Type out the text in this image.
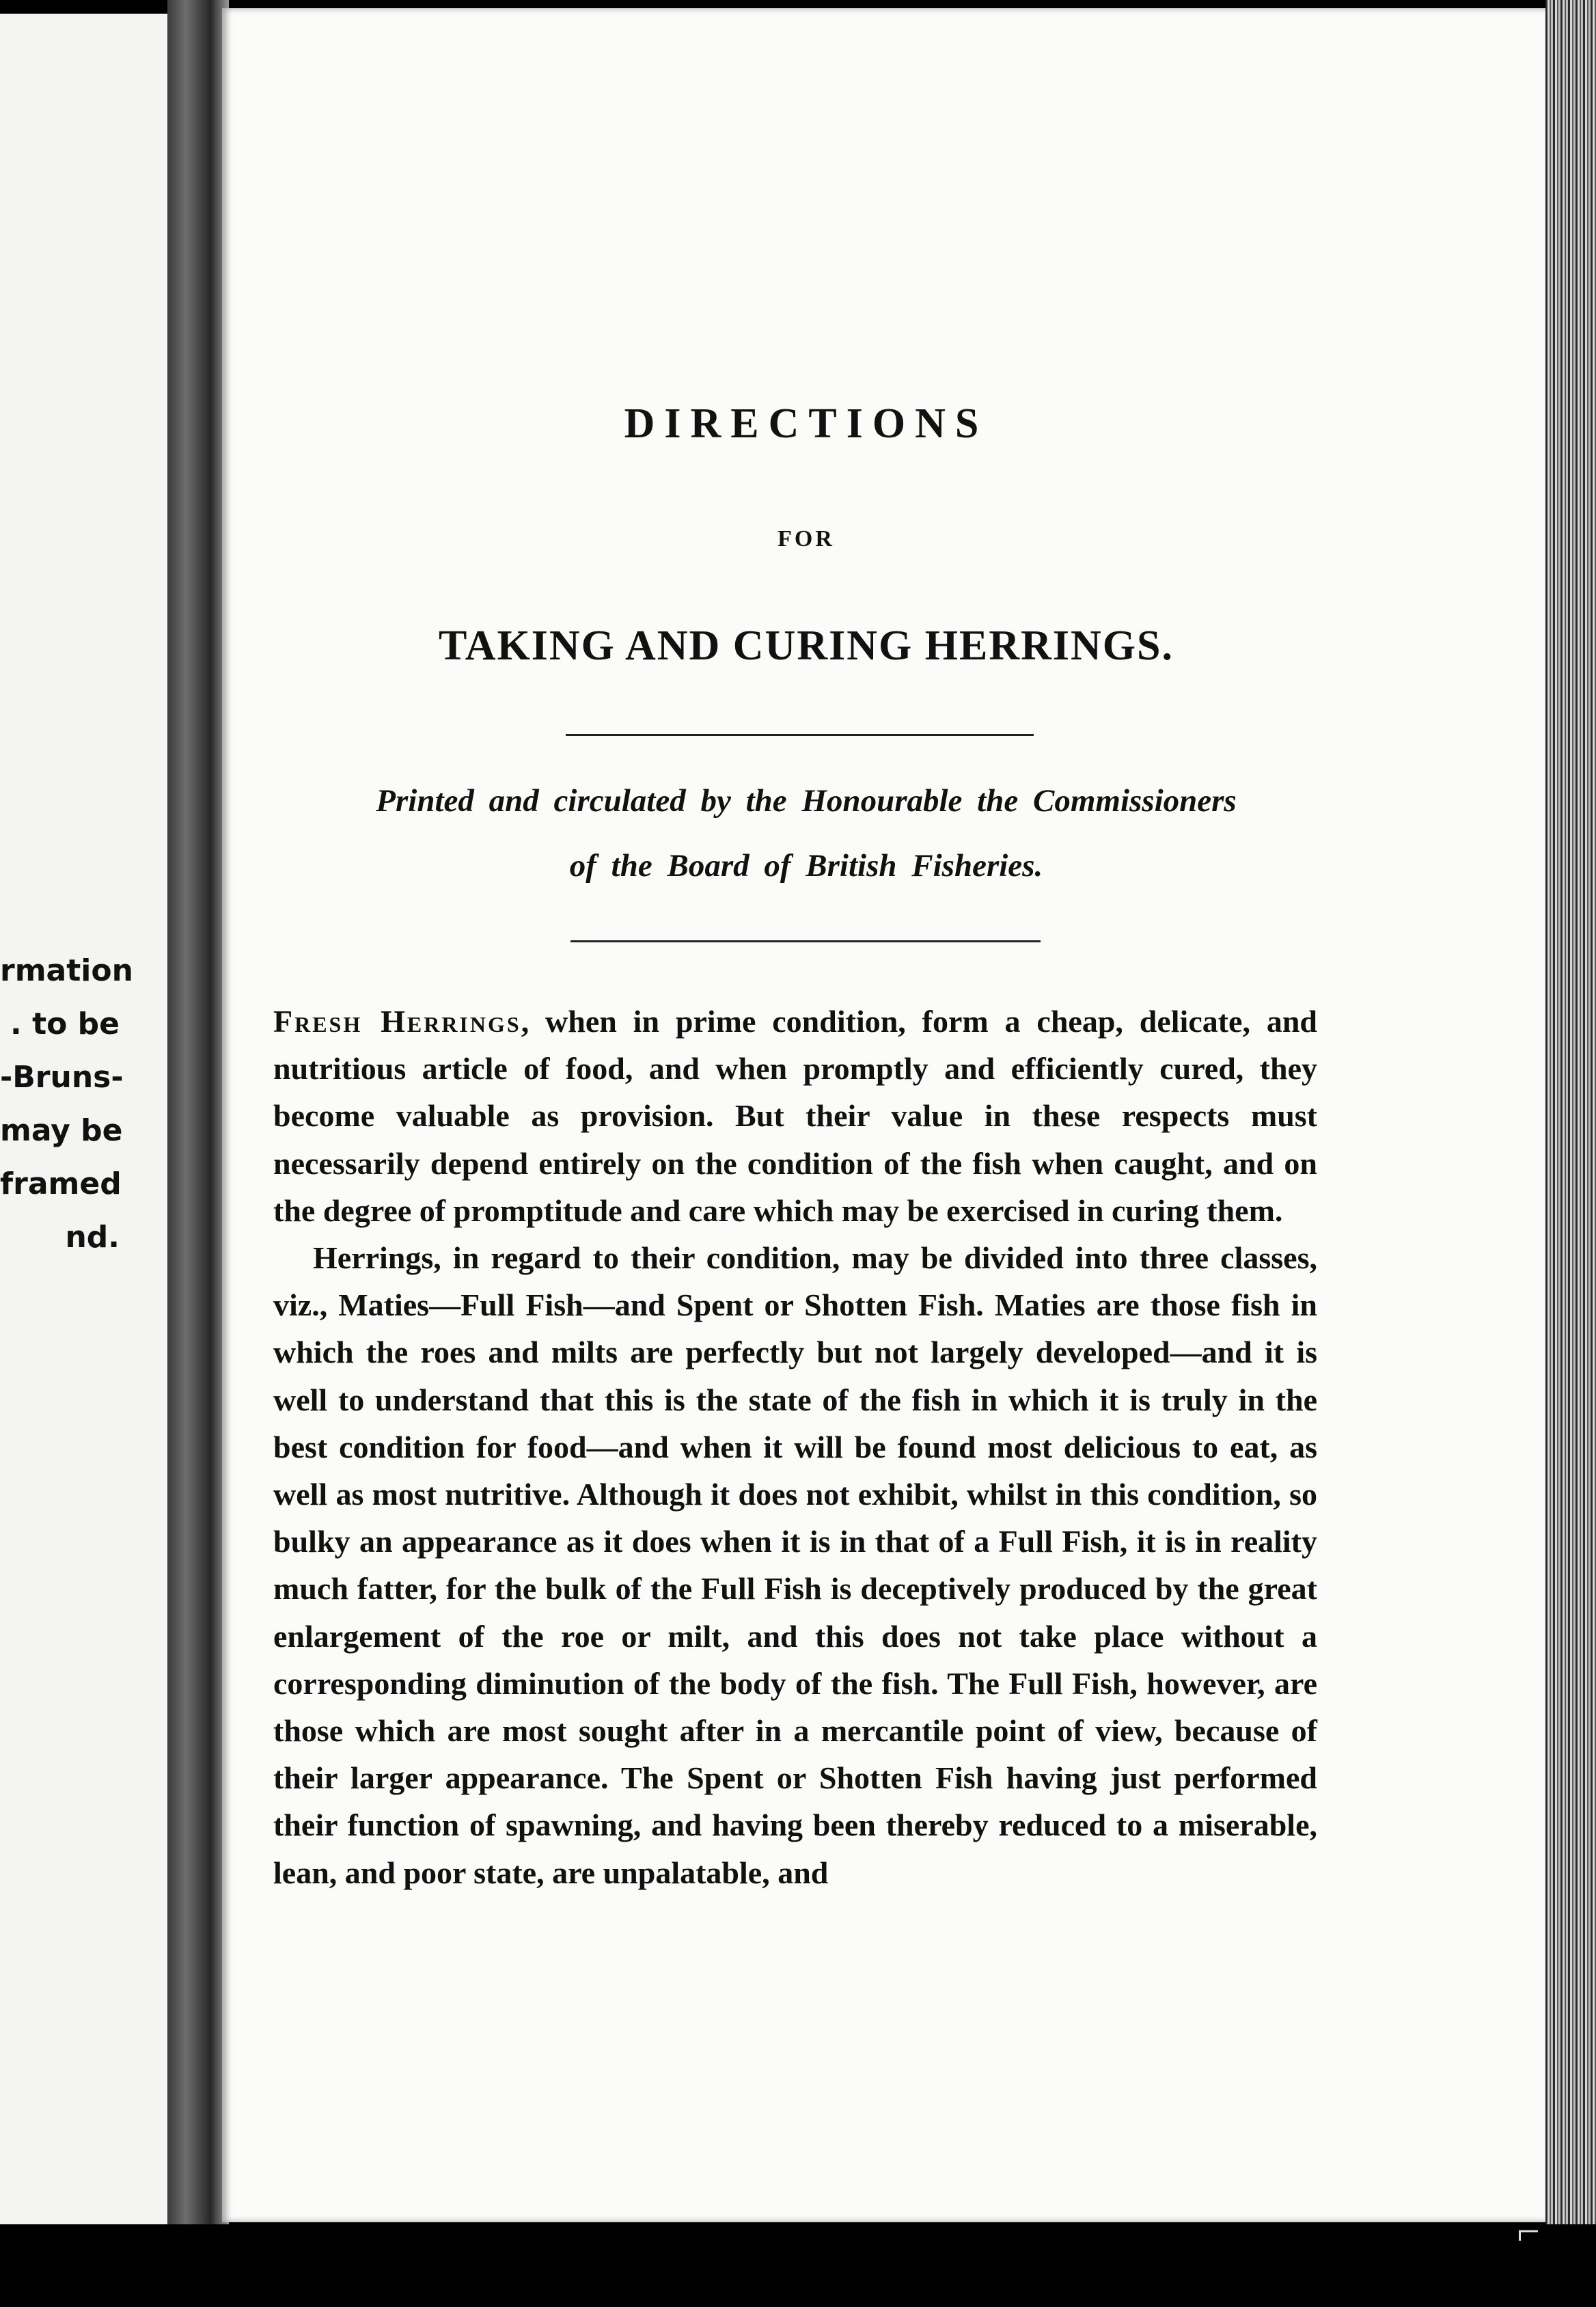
rmation
. to be
-Bruns-
may be
framed
nd.
⌐
DIRECTIONS
FOR
TAKING AND CURING HERRINGS.
Printed and circulated by the Honourable the Commissioners
of the Board of British Fisheries.

Fresh Herrings, when in prime condition, form a cheap, delicate, and nutritious article of food, and when promptly and efficiently cured, they become valuable as provision. But their value in these respects must necessarily depend entirely on the condition of the fish when caught, and on the degree of promptitude and care which may be exercised in curing them.

Herrings, in regard to their condition, may be divided into three classes, viz., Maties—Full Fish—and Spent or Shotten Fish. Maties are those fish in which the roes and milts are perfectly but not largely developed—and it is well to understand that this is the state of the fish in which it is truly in the best condition for food—and when it will be found most delicious to eat, as well as most nutritive. Although it does not exhibit, whilst in this condition, so bulky an appearance as it does when it is in that of a Full Fish, it is in reality much fatter, for the bulk of the Full Fish is deceptively produced by the great enlargement of the roe or milt, and this does not take place without a corresponding diminution of the body of the fish. The Full Fish, however, are those which are most sought after in a mercantile point of view, because of their larger appearance. The Spent or Shotten Fish having just performed their function of spawning, and having been thereby reduced to a miserable, lean, and poor state, are unpalatable, and
